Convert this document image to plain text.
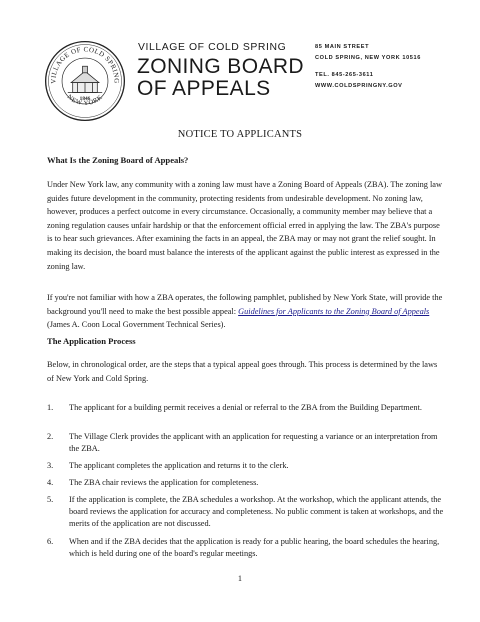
VILLAGE OF COLD SPRING
NEW YORK
1846
VILLAGE OF COLD SPRING
ZONING BOARD
OF APPEALS
85 MAIN STREET
COLD SPRING, NEW YORK 10516
TEL. 845-265-3611
WWW.COLDSPRINGNY.GOV
NOTICE TO APPLICANTS
What Is the Zoning Board of Appeals?
Under New York law, any community with a zoning law must have a Zoning Board of Appeals (ZBA). The zoning law guides future development in the community, protecting residents from undesirable development. No zoning law, however, produces a perfect outcome in every circumstance. Occasionally, a community member may believe that a zoning regulation causes unfair hardship or that the enforcement official erred in applying the law. The ZBA's purpose is to hear such grievances. After examining the facts in an appeal, the ZBA may or may not grant the relief sought. In making its decision, the board must balance the interests of the applicant against the public interest as expressed in the zoning law.
If you're not familiar with how a ZBA operates, the following pamphlet, published by New York State, will provide the background you'll need to make the best possible appeal: Guidelines for Applicants to the Zoning Board of Appeals (James A. Coon Local Government Technical Series).
The Application Process
Below, in chronological order, are the steps that a typical appeal goes through. This process is determined by the laws of New York and Cold Spring.
1. The applicant for a building permit receives a denial or referral to the ZBA from the Building Department.
2. The Village Clerk provides the applicant with an application for requesting a variance or an interpretation from the ZBA.
3. The applicant completes the application and returns it to the clerk.
4. The ZBA chair reviews the application for completeness.
5. If the application is complete, the ZBA schedules a workshop. At the workshop, which the applicant attends, the board reviews the application for accuracy and completeness. No public comment is taken at workshops, and the merits of the application are not discussed.
6. When and if the ZBA decides that the application is ready for a public hearing, the board schedules the hearing, which is held during one of the board's regular meetings.
1
